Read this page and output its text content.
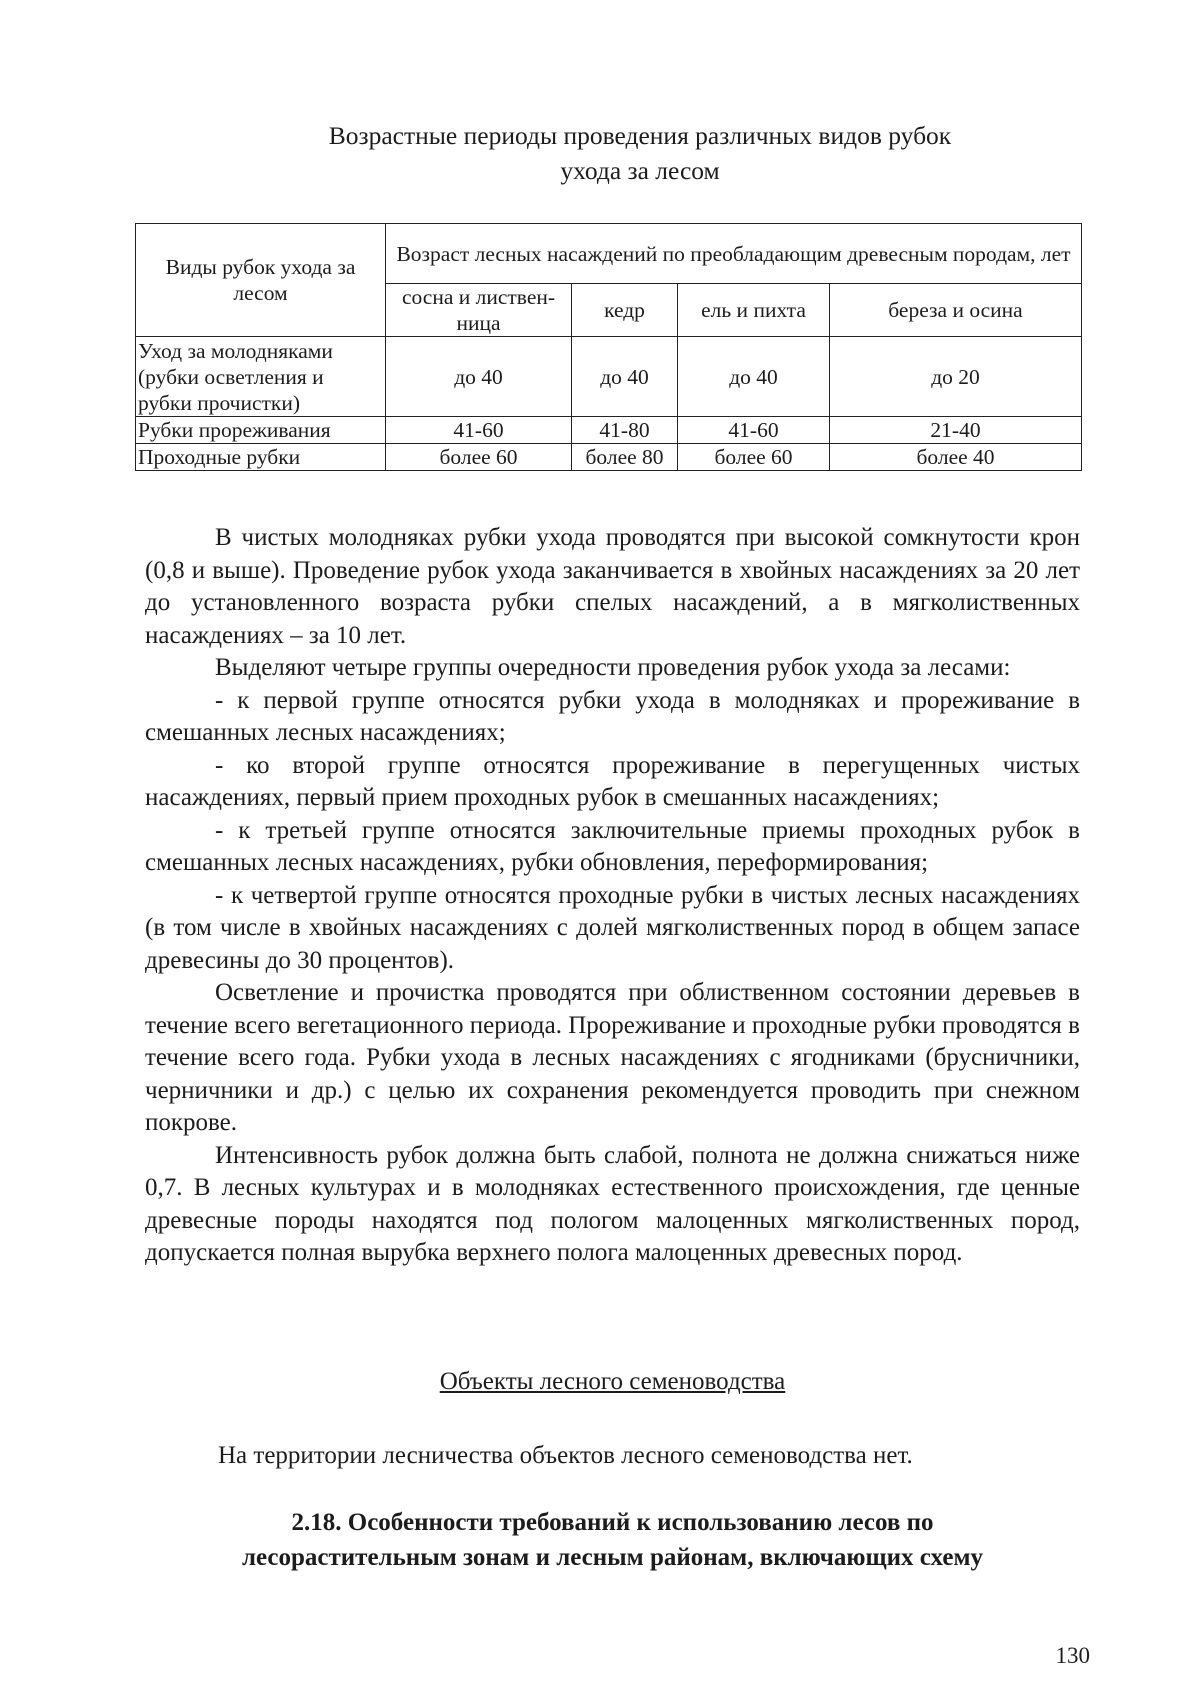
Возрастные периоды проведения различных видов рубок
ухода за лесом
Виды рубок ухода за лесом	Возраст лесных насаждений по преобладающим древесным породам, лет			
	сосна и листвен-ница	кедр	ель и пихта	береза и осина
Уход за молодняками (рубки осветления и рубки прочистки)	до 40	до 40	до 40	до 20
Рубки прореживания	41-60	41-80	41-60	21-40
Проходные рубки	более 60	более 80	более 60	более 40

В чистых молодняках рубки ухода проводятся при высокой сомкнутости крон (0,8 и выше). Проведение рубок ухода заканчивается в хвойных насаждениях за 20 лет до установленного возраста рубки спелых насаждений, а в мягколиственных насаждениях – за 10 лет.

Выделяют четыре группы очередности проведения рубок ухода за лесами:

- к первой группе относятся рубки ухода в молодняках и прореживание в смешанных лесных насаждениях;

- ко второй группе относятся прореживание в перегущенных чистых насаждениях, первый прием проходных рубок в смешанных насаждениях;

- к третьей группе относятся заключительные приемы проходных рубок в смешанных лесных насаждениях, рубки обновления, переформирования;

- к четвертой группе относятся проходные рубки в чистых лесных насаждениях (в том числе в хвойных насаждениях с долей мягколиственных пород в общем запасе древесины до 30 процентов).

Осветление и прочистка проводятся при облиственном состоянии деревьев в течение всего вегетационного периода. Прореживание и проходные рубки проводятся в течение всего года. Рубки ухода в лесных насаждениях с ягодниками (брусничники, черничники и др.) с целью их сохранения рекомендуется проводить при снежном покрове.

Интенсивность рубок должна быть слабой, полнота не должна снижаться ниже 0,7. В лесных культурах и в молодняках естественного происхождения, где ценные древесные породы находятся под пологом малоценных мягколиственных пород, допускается полная вырубка верхнего полога малоценных древесных пород.

Объекты лесного семеноводства
На территории лесничества объектов лесного семеноводства нет.
2.18. Особенности требований к использованию лесов по
лесорастительным зонам и лесным районам, включающих схему
130
